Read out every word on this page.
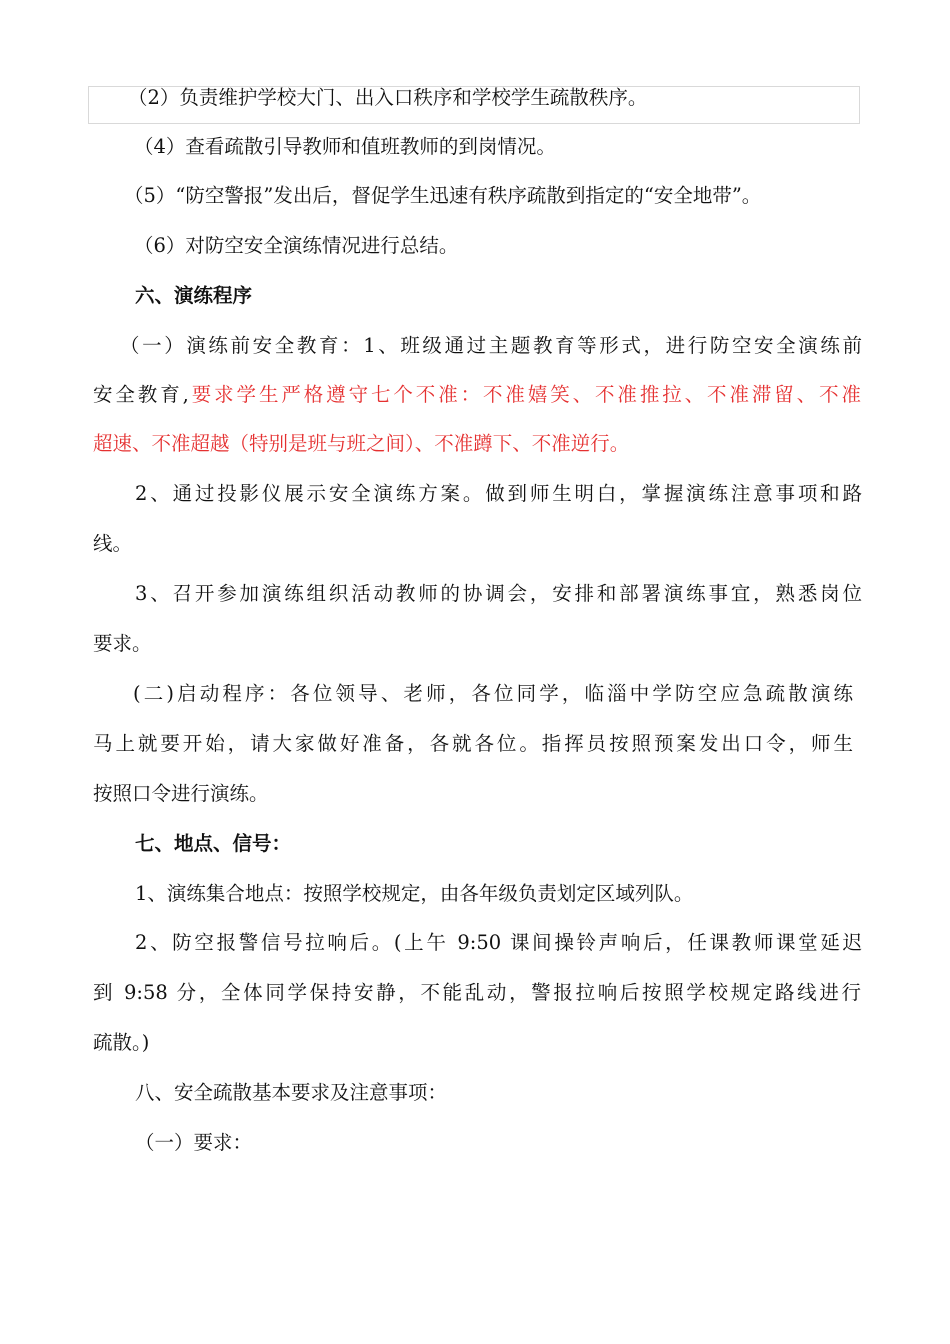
（2）负责维护学校大门、出入口秩序和学校学生疏散秩序。
（4）查看疏散引导教师和值班教师的到岗情况。
（5）“防空警报”发出后，督促学生迅速有秩序疏散到指定的“安全地带”。
（6）对防空安全演练情况进行总结。
六、演练程序
（一）演练前安全教育：1、班级通过主题教育等形式，进行防空安全演练前
安全教育,要求学生严格遵守七个不准：不准嬉笑、不准推拉、不准滞留、不准
超速、不准超越（特别是班与班之间）、不准蹲下、不准逆行。
2、通过投影仪展示安全演练方案。做到师生明白，掌握演练注意事项和路
线。
3、召开参加演练组织活动教师的协调会，安排和部署演练事宜，熟悉岗位
要求。
(二)启动程序：各位领导、老师，各位同学，临淄中学防空应急疏散演练
马上就要开始，请大家做好准备，各就各位。指挥员按照预案发出口令，师生
按照口令进行演练。
七、地点、信号：
1、演练集合地点：按照学校规定，由各年级负责划定区域列队。
2、防空报警信号拉响后。(上午 9:50 课间操铃声响后，任课教师课堂延迟
到 9:58 分，全体同学保持安静，不能乱动，警报拉响后按照学校规定路线进行
疏散。)
八、安全疏散基本要求及注意事项：
（一）要求：
